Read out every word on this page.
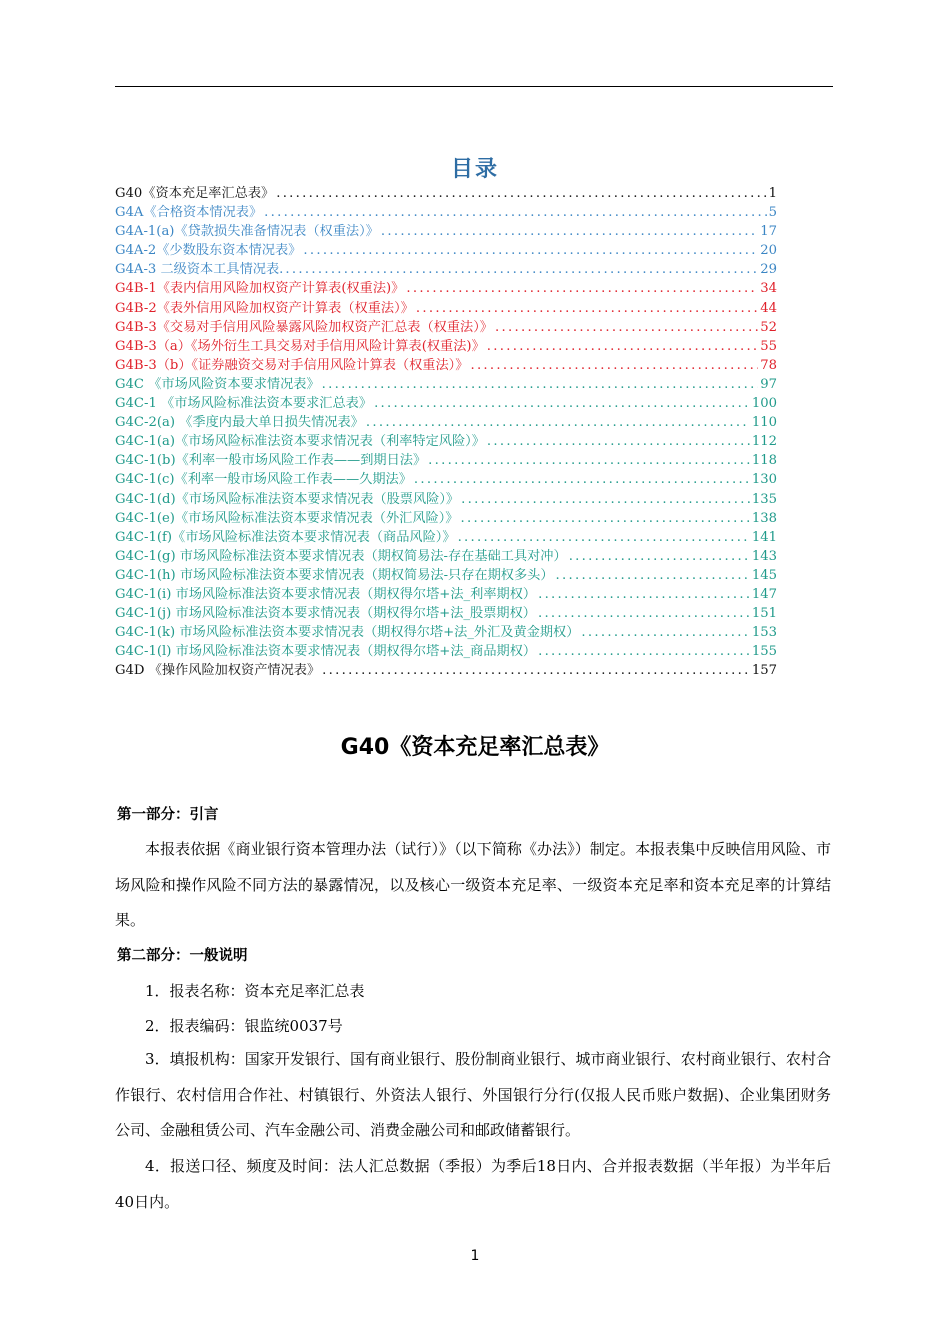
目录
G40《资本充足率汇总表》 .....	1
G4A《合格资本情况表》 .....	5
G4A-1(a)《贷款损失准备情况表（权重法）》 .....	17
G4A-2《少数股东资本情况表》 .....	20
G4A-3 二级资本工具情况表. .....	29
G4B-1《表内信用风险加权资产计算表(权重法)》 .....	34
G4B-2《表外信用风险加权资产计算表（权重法）》 .....	44
G4B-3《交易对手信用风险暴露风险加权资产汇总表（权重法）》 .....	52
G4B-3（a）《场外衍生工具交易对手信用风险计算表(权重法)》 .....	55
G4B-3（b）《证券融资交易对手信用风险计算表（权重法）》 .....	78
G4C 《市场风险资本要求情况表》 .....	97
G4C-1 《市场风险标准法资本要求汇总表》 .....	100
G4C-2(a) 《季度内最大单日损失情况表》 .....	110
G4C-1(a)《市场风险标准法资本要求情况表（利率特定风险）》 .....	112
G4C-1(b)《利率一般市场风险工作表——到期日法》 .....	118
G4C-1(c)《利率一般市场风险工作表——久期法》 .....	130
G4C-1(d)《市场风险标准法资本要求情况表（股票风险）》 .....	135
G4C-1(e)《市场风险标准法资本要求情况表（外汇风险）》 .....	138
G4C-1(f)《市场风险标准法资本要求情况表（商品风险）》 .....	141
G4C-1(g) 市场风险标准法资本要求情况表（期权简易法-存在基础工具对冲） .....	143
G4C-1(h) 市场风险标准法资本要求情况表（期权简易法-只存在期权多头） .....	145
G4C-1(i) 市场风险标准法资本要求情况表（期权得尔塔+法_利率期权） .....	147
G4C-1(j) 市场风险标准法资本要求情况表（期权得尔塔+法_股票期权） .....	151
G4C-1(k) 市场风险标准法资本要求情况表（期权得尔塔+法_外汇及黄金期权） .....	153
G4C-1(l) 市场风险标准法资本要求情况表（期权得尔塔+法_商品期权） .....	155
G4D 《操作风险加权资产情况表》 .....	157
G40《资本充足率汇总表》
第一部分：引言
本报表依据《商业银行资本管理办法（试行）》（以下简称《办法》）制定。本报表集中反映信用风险、市场风险和操作风险不同方法的暴露情况，以及核心一级资本充足率、一级资本充足率和资本充足率的计算结果。
第二部分：一般说明
1．报表名称：资本充足率汇总表
2．报表编码：银监统0037号
3．填报机构：国家开发银行、国有商业银行、股份制商业银行、城市商业银行、农村商业银行、农村合作银行、农村信用合作社、村镇银行、外资法人银行、外国银行分行(仅报人民币账户数据)、企业集团财务公司、金融租赁公司、汽车金融公司、消费金融公司和邮政储蓄银行。
4．报送口径、频度及时间：法人汇总数据（季报）为季后18日内、合并报表数据（半年报）为半年后40日内。
1
